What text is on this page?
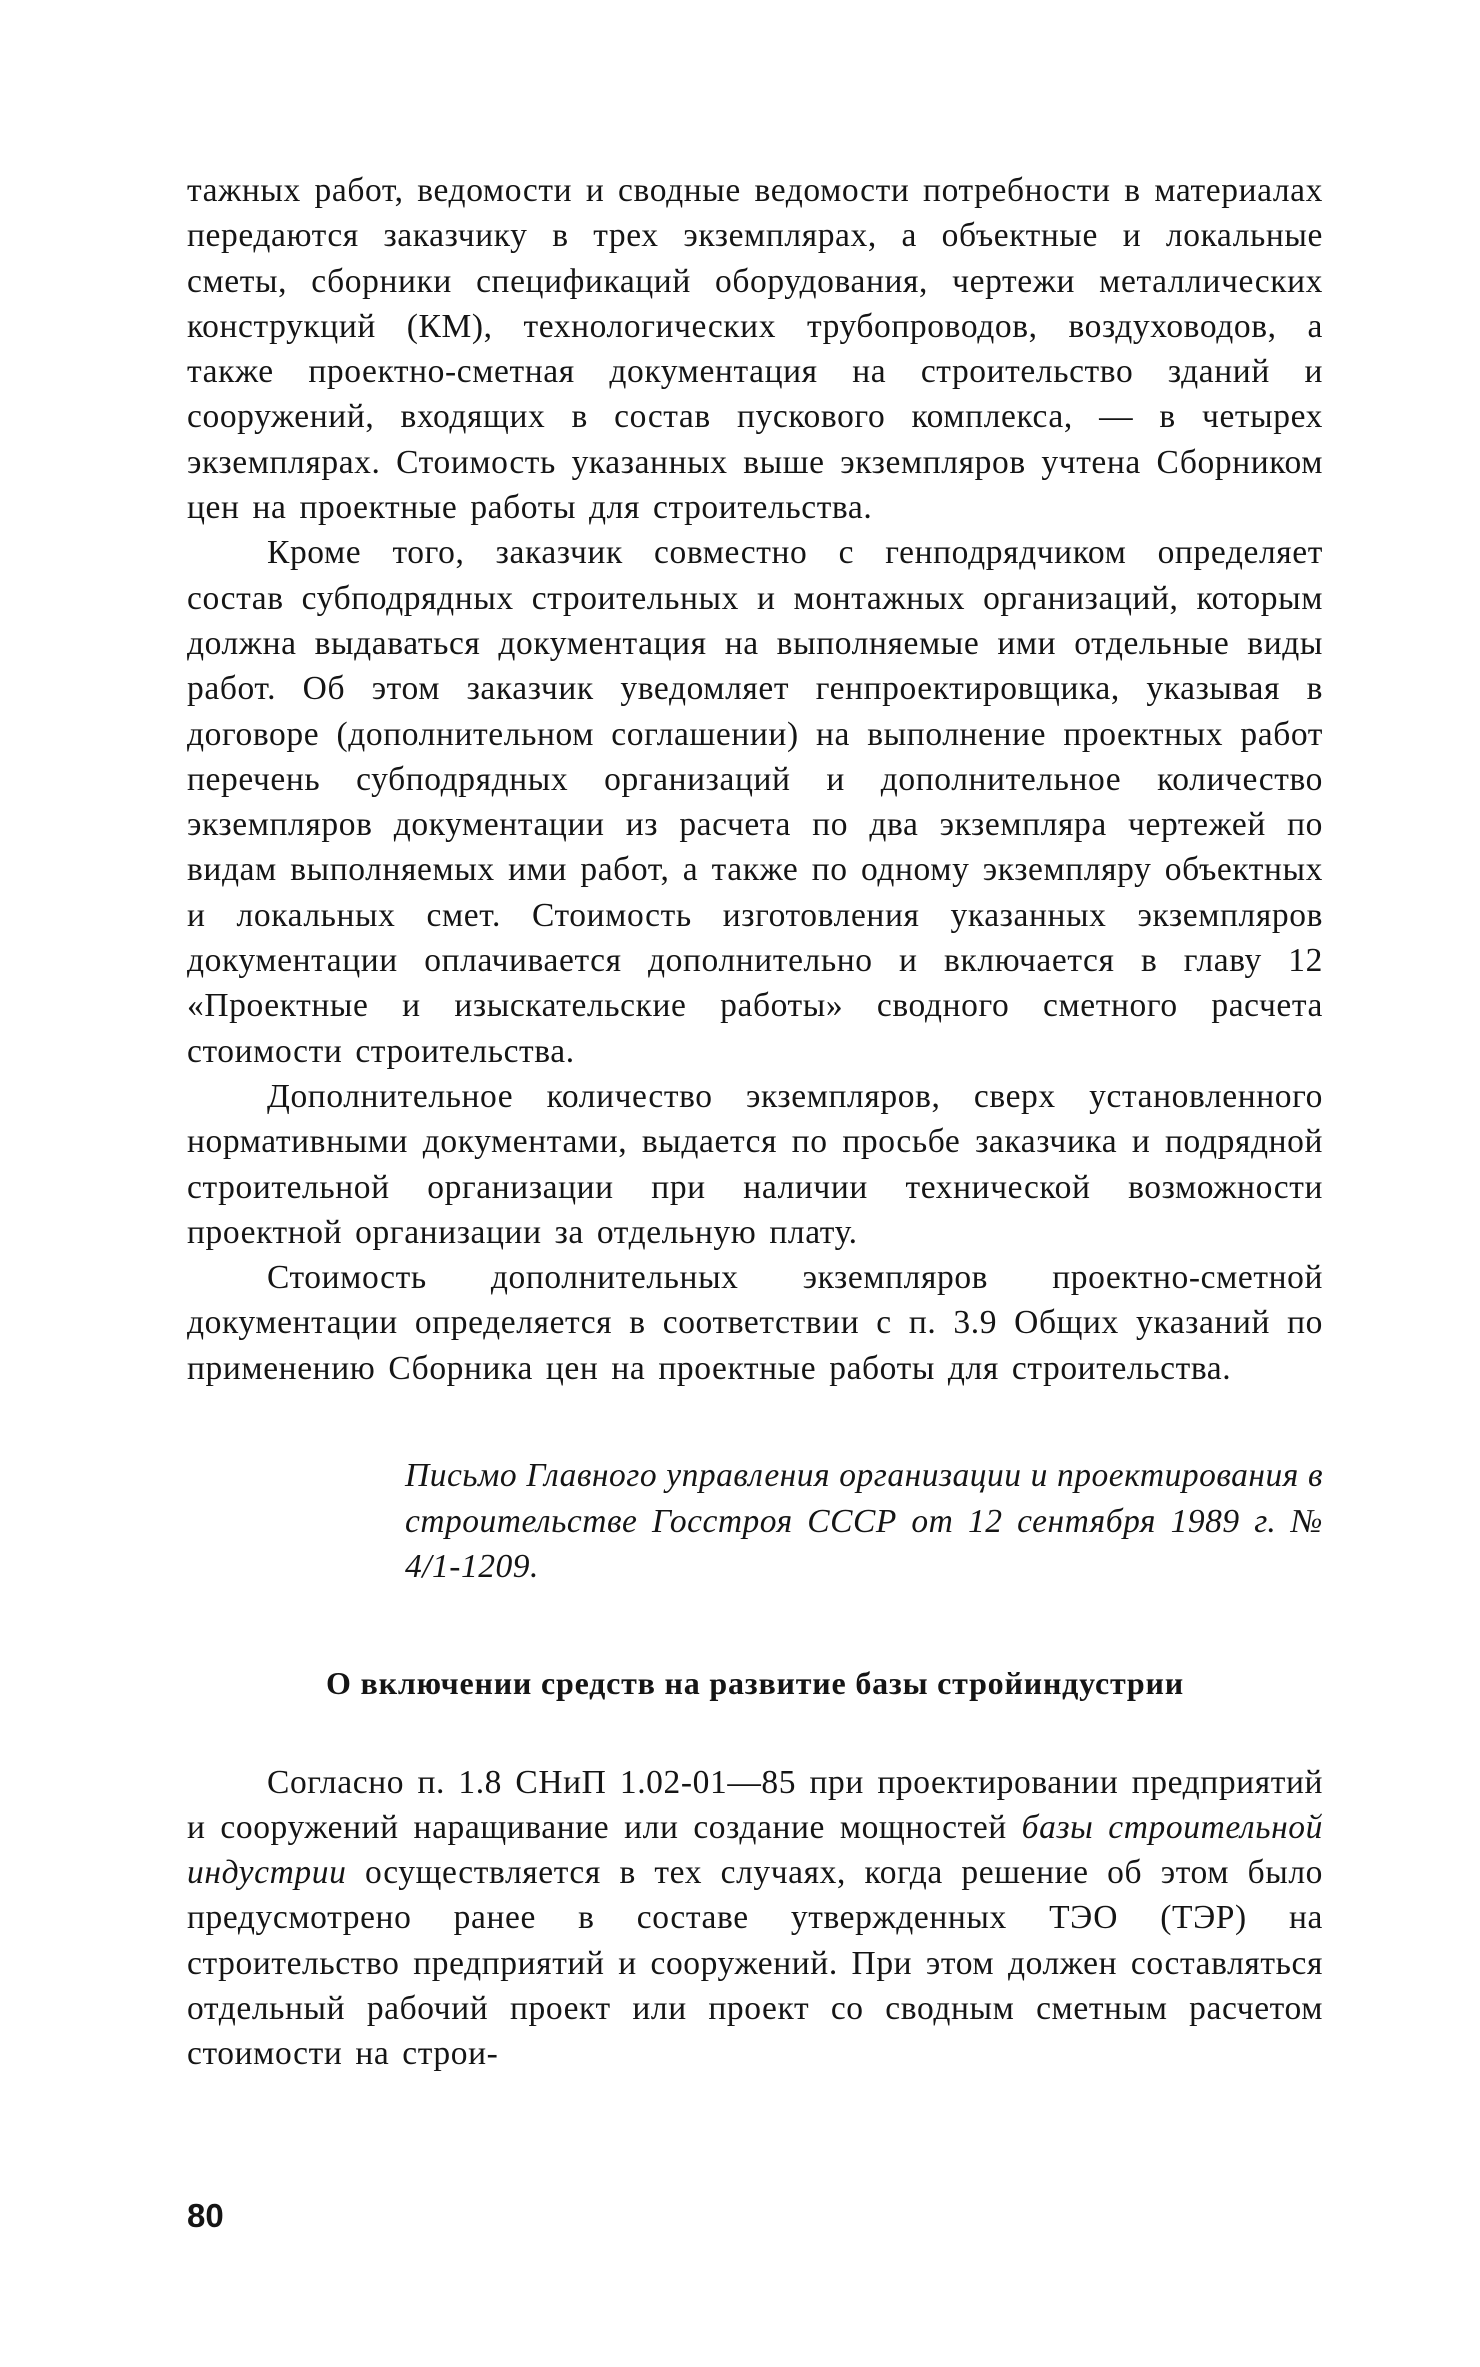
тажных работ, ведомости и сводные ведомости потребности в материалах передаются заказчику в трех экземплярах, а объектные и локальные сметы, сборники спецификаций оборудования, чертежи металлических конструкций (КМ), технологических трубопроводов, воздуховодов, а также проектно-сметная документация на строительство зданий и сооружений, входящих в состав пускового комплекса, — в четырех экземплярах. Стоимость указанных выше экземпляров учтена Сборником цен на проектные работы для строительства.

Кроме того, заказчик совместно с генподрядчиком определяет состав субподрядных строительных и монтажных организаций, которым должна выдаваться документация на выполняемые ими отдельные виды работ. Об этом заказчик уведомляет генпроектировщика, указывая в договоре (дополнительном соглашении) на выполнение проектных работ перечень субподрядных организаций и дополнительное количество экземпляров документации из расчета по два экземпляра чертежей по видам выполняемых ими работ, а также по одному экземпляру объектных и локальных смет. Стоимость изготовления указанных экземпляров документации оплачивается дополнительно и включается в главу 12 «Проектные и изыскательские работы» сводного сметного расчета стоимости строительства.

Дополнительное количество экземпляров, сверх установленного нормативными документами, выдается по просьбе заказчика и подрядной строительной организации при наличии технической возможности проектной организации за отдельную плату.

Стоимость дополнительных экземпляров проектно-сметной документации определяется в соответствии с п. 3.9 Общих указаний по применению Сборника цен на проектные работы для строительства.

Письмо Главного управления организации и проектирования в строительстве Госстроя СССР от 12 сентября 1989 г. № 4/1-1209.

О включении средств на развитие базы стройиндустрии

Согласно п. 1.8 СНиП 1.02-01—85 при проектировании предприятий и сооружений наращивание или создание мощностей базы строительной индустрии осуществляется в тех случаях, когда решение об этом было предусмотрено ранее в составе утвержденных ТЭО (ТЭР) на строительство предприятий и сооружений. При этом должен составляться отдельный рабочий проект или проект со сводным сметным расчетом стоимости на строи-

80
